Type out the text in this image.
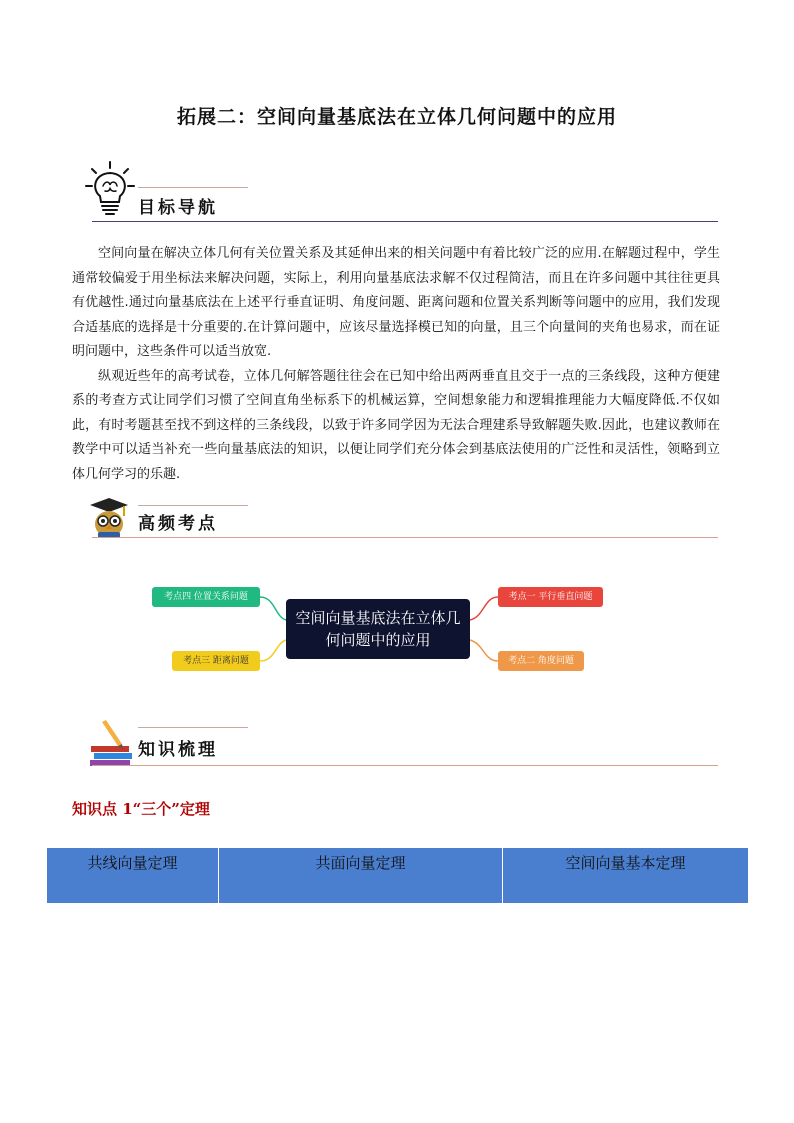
拓展二：空间向量基底法在立体几何问题中的应用
目标导航

空间向量在解决立体几何有关位置关系及其延伸出来的相关问题中有着比较广泛的应用.在解题过程中，学生通常较偏爱于用坐标法来解决问题，实际上，利用向量基底法求解不仅过程简洁，而且在许多问题中其往往更具有优越性.通过向量基底法在上述平行垂直证明、角度问题、距离问题和位置关系判断等问题中的应用，我们发现合适基底的选择是十分重要的.在计算问题中，应该尽量选择模已知的向量，且三个向量间的夹角也易求，而在证明问题中，这些条件可以适当放宽.

纵观近些年的高考试卷，立体几何解答题往往会在已知中给出两两垂直且交于一点的三条线段，这种方便建系的考查方式让同学们习惯了空间直角坐标系下的机械运算，空间想象能力和逻辑推理能力大幅度降低.不仅如此，有时考题甚至找不到这样的三条线段，以致于许多同学因为无法合理建系导致解题失败.因此，也建议教师在教学中可以适当补充一些向量基底法的知识，以便让同学们充分体会到基底法使用的广泛性和灵活性，领略到立体几何学习的乐趣.

高频考点
空间向量基底法在立体几何问题中的应用
考点一 平行垂直问题
考点二 角度问题
考点三 距离问题
考点四 位置关系问题
知识梳理
知识点 1“三个”定理
共线向量定理	共面向量定理	空间向量基本定理
